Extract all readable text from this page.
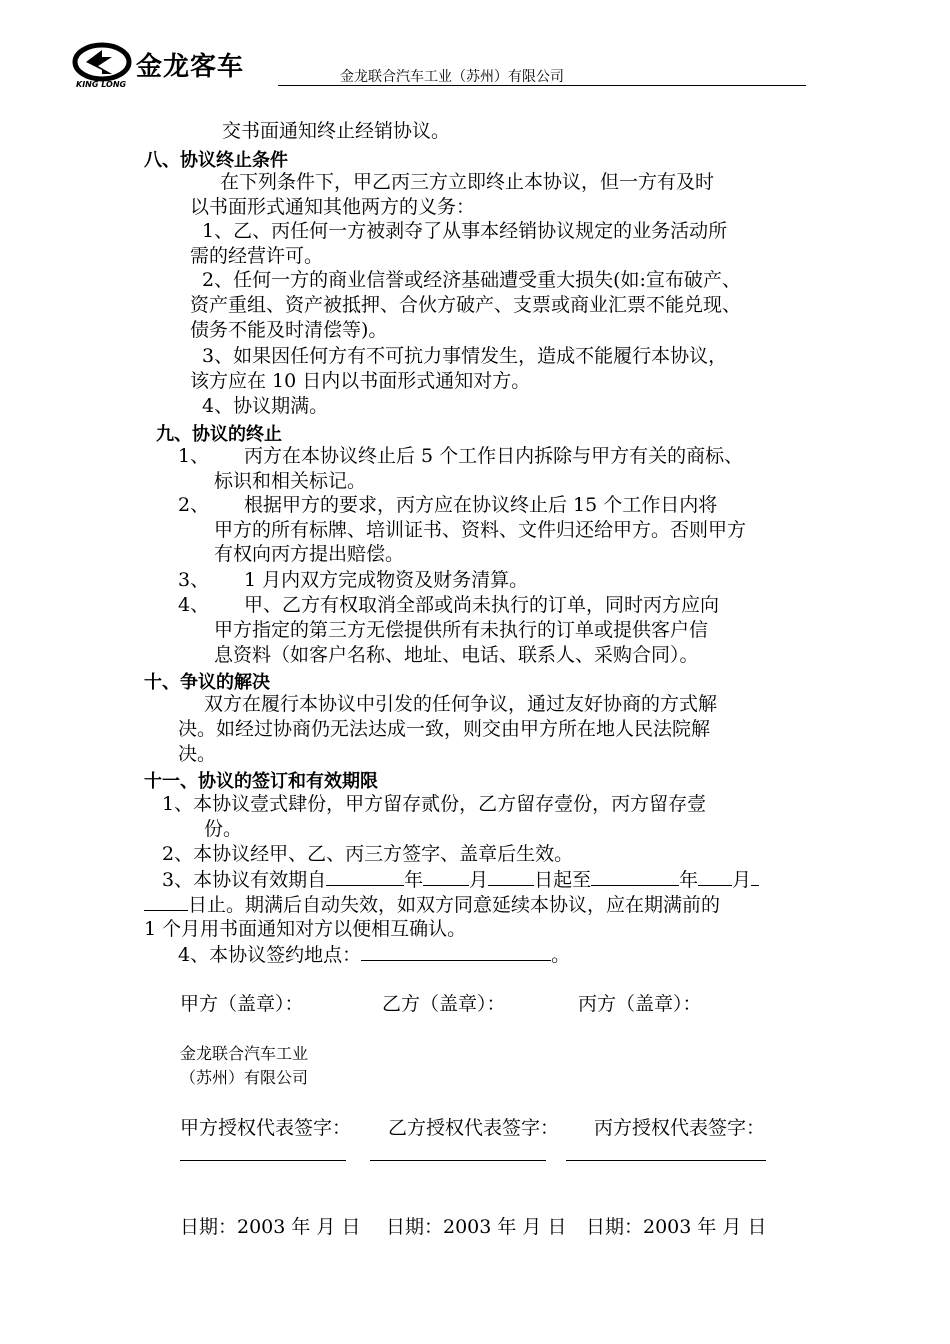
金龙客车
KING LONG	金龙联合汽车工业（苏州）有限公司
交书面通知终止经销协议。
八、协议终止条件
在下列条件下，甲乙丙三方立即终止本协议，但一方有及时
以书面形式通知其他两方的义务：
1、乙、丙任何一方被剥夺了从事本经销协议规定的业务活动所
需的经营许可。
2、任何一方的商业信誉或经济基础遭受重大损失(如:宣布破产、
资产重组、资产被抵押、合伙方破产、支票或商业汇票不能兑现、
债务不能及时清偿等)。
3、如果因任何方有不可抗力事情发生，造成不能履行本协议，
该方应在 10 日内以书面形式通知对方。
4、协议期满。
九、协议的终止
1、 丙方在本协议终止后 5 个工作日内拆除与甲方有关的商标、
标识和相关标记。
2、 根据甲方的要求，丙方应在协议终止后 15 个工作日内将
甲方的所有标牌、培训证书、资料、文件归还给甲方。否则甲方
有权向丙方提出赔偿。
3、 1 月内双方完成物资及财务清算。
4、 甲、乙方有权取消全部或尚未执行的订单，同时丙方应向
甲方指定的第三方无偿提供所有未执行的订单或提供客户信
息资料（如客户名称、地址、电话、联系人、采购合同）。
十、争议的解决
双方在履行本协议中引发的任何争议，通过友好协商的方式解
决。如经过协商仍无法达成一致，则交由甲方所在地人民法院解
决。
十一、协议的签订和有效期限
1、本协议壹式肆份，甲方留存贰份，乙方留存壹份，丙方留存壹
份。
2、本协议经甲、乙、丙三方签字、盖章后生效。
3、本协议有效期自	年 月 日起至	年 月
日止。期满后自动失效，如双方同意延续本协议，应在期满前的
1 个月用书面通知对方以便相互确认。
4、本协议签约地点：	。
甲方（盖章）：	乙方（盖章）：	丙方（盖章）：
金龙联合汽车工业
（苏州）有限公司
甲方授权代表签字： 乙方授权代表签字： 丙方授权代表签字：
日期：2003 年 月 日 日期：2003 年 月 日 日期：2003 年 月 日
